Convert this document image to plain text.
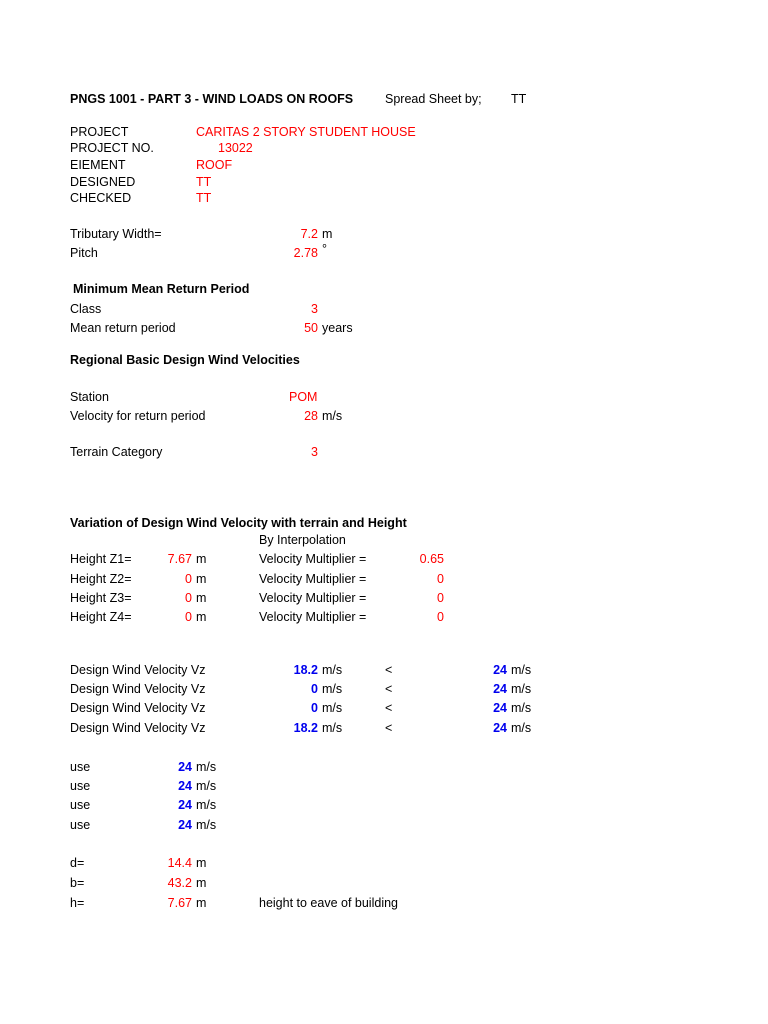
PNGS 1001 - PART 3 - WIND LOADS ON ROOFS	Spread Sheet by; TT
PROJECT	CARITAS 2 STORY STUDENT HOUSE
PROJECT NO.	13022
EIEMENT	ROOF
DESIGNED	TT
CHECKED	TT
Tributary Width=	7.2 m
Pitch	2.78 °
Minimum Mean Return Period
Class	3
Mean return period	50 years
Regional Basic Design Wind Velocities
Station	POM
Velocity for return period	28 m/s
Terrain Category	3
Variation of Design Wind Velocity with terrain and Height
By Interpolation
Height Z1=	7.67 m	Velocity Multiplier =	0.65
Height Z2=	0 m	Velocity Multiplier =	0
Height Z3=	0 m	Velocity Multiplier =	0
Height Z4=	0 m	Velocity Multiplier =	0
Design Wind Velocity Vz	18.2 m/s	<	24 m/s
Design Wind Velocity Vz	0 m/s	<	24 m/s
Design Wind Velocity Vz	0 m/s	<	24 m/s
Design Wind Velocity Vz	18.2 m/s	<	24 m/s
use	24 m/s
use	24 m/s
use	24 m/s
use	24 m/s
d=	14.4 m
b=	43.2 m
h=	7.67 m	height to eave of building
